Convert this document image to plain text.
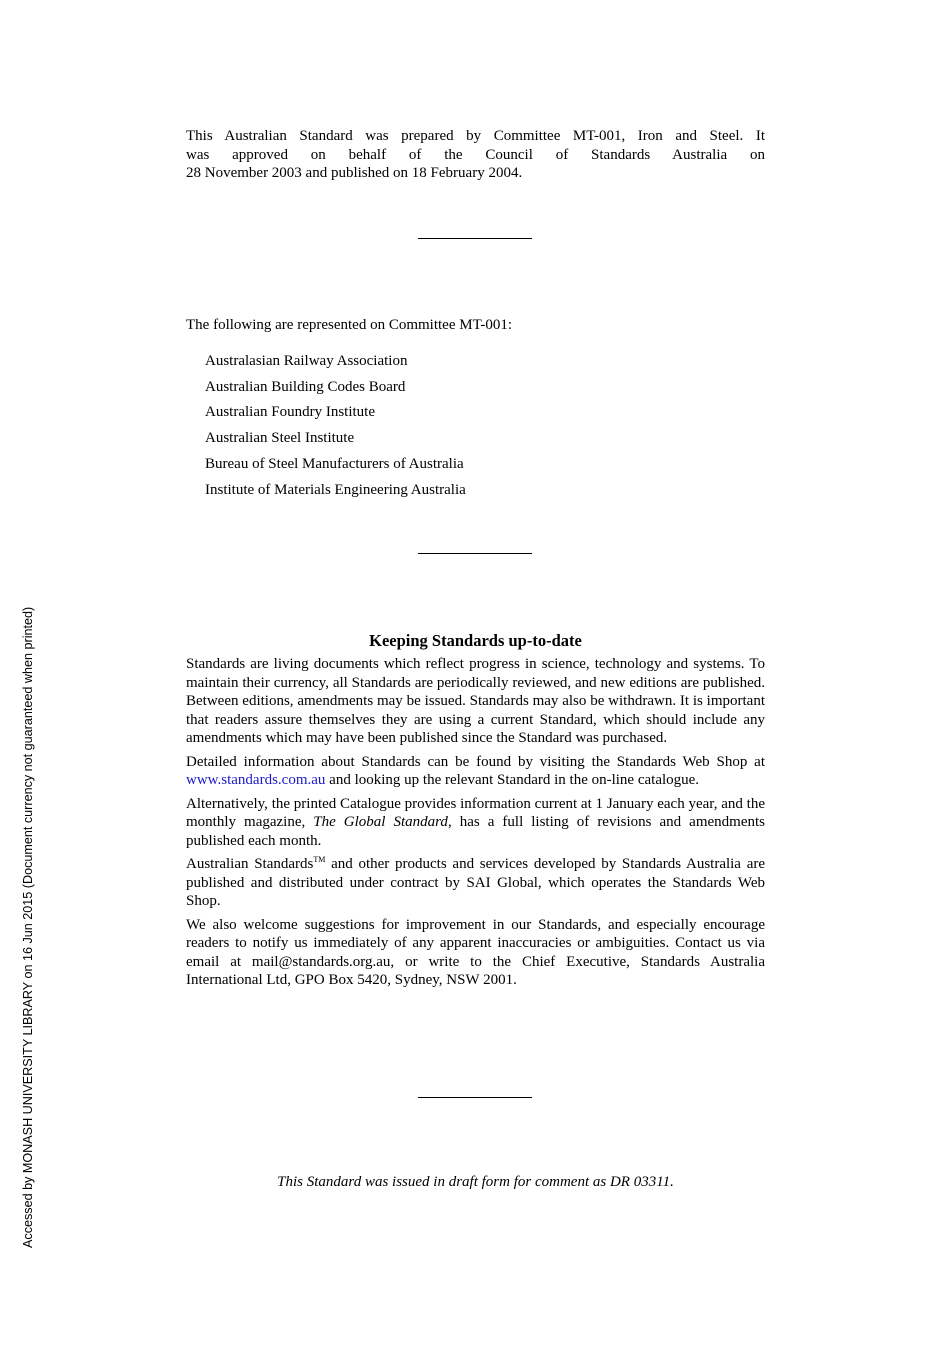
Accessed by MONASH UNIVERSITY LIBRARY on 16 Jun 2015 (Document currency not guaranteed when printed)
This Australian Standard was prepared by Committee MT-001, Iron and Steel. It
was approved on behalf of the Council of Standards Australia on
28 November 2003 and published on 18 February 2004.
The following are represented on Committee MT-001:
Australasian Railway Association
Australian Building Codes Board
Australian Foundry Institute
Australian Steel Institute
Bureau of Steel Manufacturers of Australia
Institute of Materials Engineering Australia
Keeping Standards up-to-date

Standards are living documents which reflect progress in science, technology and systems. To maintain their currency, all Standards are periodically reviewed, and new editions are published. Between editions, amendments may be issued. Standards may also be withdrawn. It is important that readers assure themselves they are using a current Standard, which should include any amendments which may have been published since the Standard was purchased.

Detailed information about Standards can be found by visiting the Standards Web Shop at www.standards.com.au and looking up the relevant Standard in the on-line catalogue.

Alternatively, the printed Catalogue provides information current at 1 January each year, and the monthly magazine, The Global Standard, has a full listing of revisions and amendments published each month.

Australian Standards™ and other products and services developed by Standards Australia are published and distributed under contract by SAI Global, which operates the Standards Web Shop.

We also welcome suggestions for improvement in our Standards, and especially encourage readers to notify us immediately of any apparent inaccuracies or ambiguities. Contact us via email at mail@standards.org.au, or write to the Chief Executive, Standards Australia International Ltd, GPO Box 5420, Sydney, NSW 2001.

This Standard was issued in draft form for comment as DR 03311.
